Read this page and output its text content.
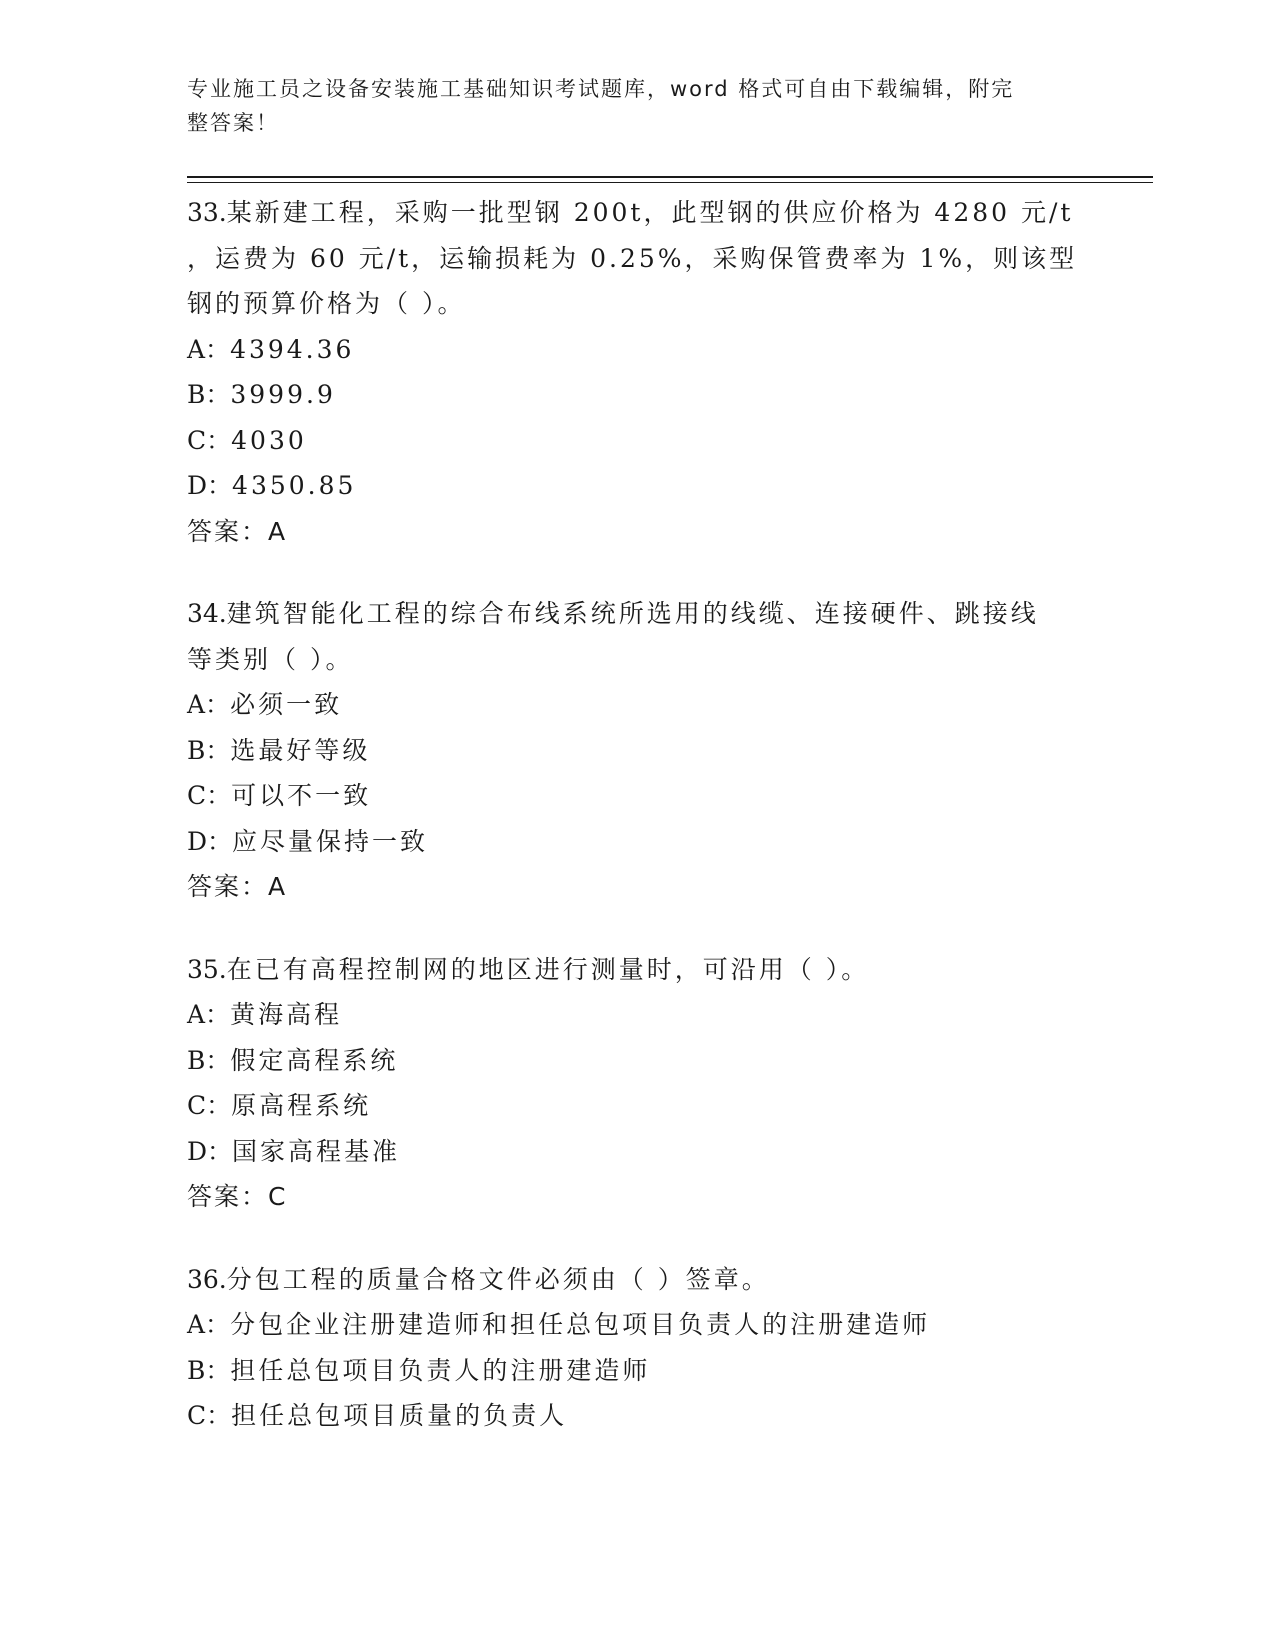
专业施工员之设备安装施工基础知识考试题库，word 格式可自由下载编辑，附完
整答案！
33.某新建工程，采购一批型钢 200t，此型钢的供应价格为 4280 元/t
，运费为 60 元/t，运输损耗为 0.25%，采购保管费率为 1%，则该型
钢的预算价格为（ ）。
A：4394.36
B：3999.9
C：4030
D：4350.85
答案：A
34.建筑智能化工程的综合布线系统所选用的线缆、连接硬件、跳接线
等类别（ ）。
A：必须一致
B：选最好等级
C：可以不一致
D：应尽量保持一致
答案：A
35.在已有高程控制网的地区进行测量时，可沿用（ ）。
A：黄海高程
B：假定高程系统
C：原高程系统
D：国家高程基准
答案：C
36.分包工程的质量合格文件必须由（ ）签章。
A：分包企业注册建造师和担任总包项目负责人的注册建造师
B：担任总包项目负责人的注册建造师
C：担任总包项目质量的负责人
